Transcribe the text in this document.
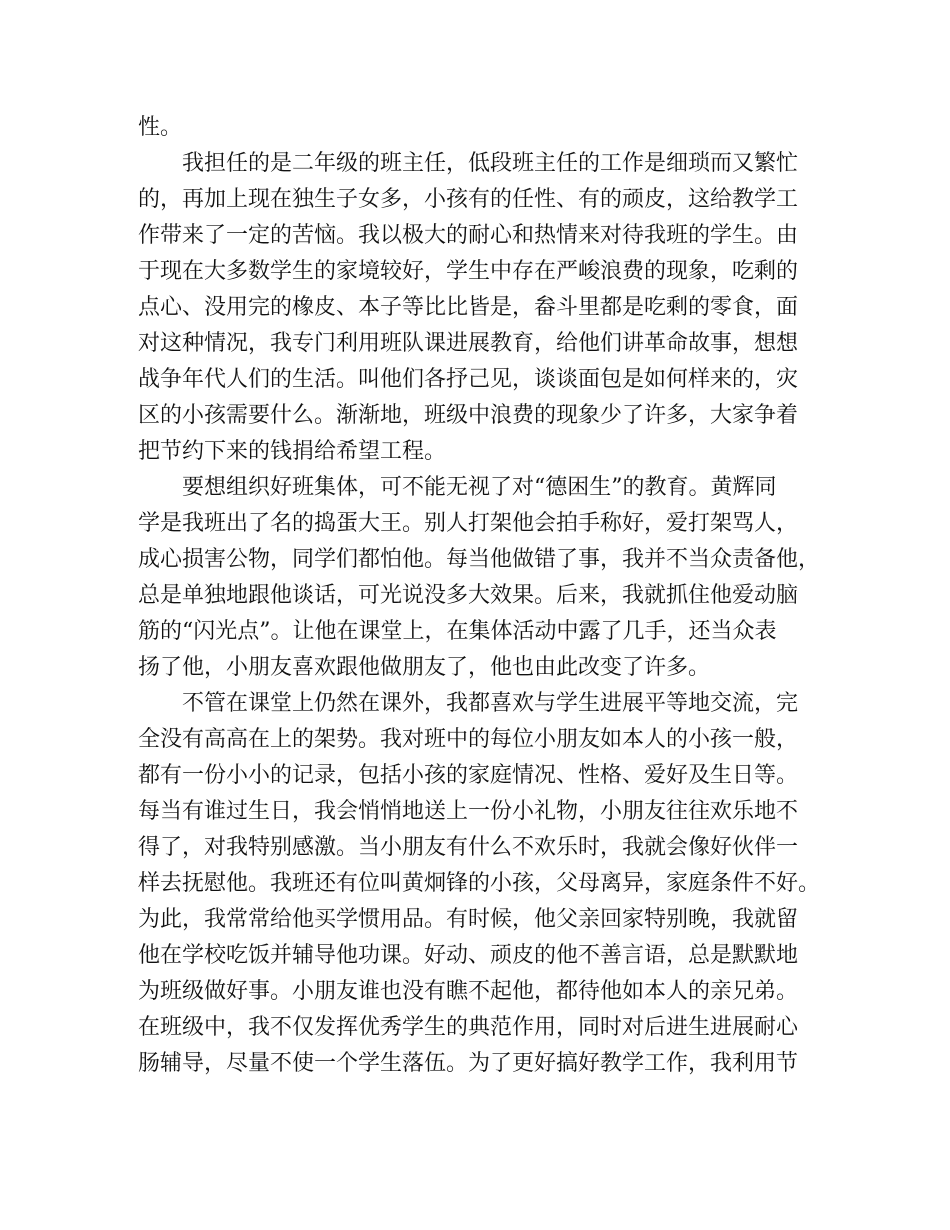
性。
　　我担任的是二年级的班主任，低段班主任的工作是细琐而又繁忙
的，再加上现在独生子女多，小孩有的任性、有的顽皮，这给教学工
作带来了一定的苦恼。我以极大的耐心和热情来对待我班的学生。由
于现在大多数学生的家境较好，学生中存在严峻浪费的现象，吃剩的
点心、没用完的橡皮、本子等比比皆是，畚斗里都是吃剩的零食，面
对这种情况，我专门利用班队课进展教育，给他们讲革命故事，想想
战争年代人们的生活。叫他们各抒己见，谈谈面包是如何样来的，灾
区的小孩需要什么。渐渐地，班级中浪费的现象少了许多，大家争着
把节约下来的钱捐给希望工程。
　　要想组织好班集体，可不能无视了对“德困生”的教育。黄辉同
学是我班出了名的捣蛋大王。别人打架他会拍手称好，爱打架骂人，
成心损害公物，同学们都怕他。每当他做错了事，我并不当众责备他，
总是单独地跟他谈话，可光说没多大效果。后来，我就抓住他爱动脑
筋的“闪光点”。让他在课堂上，在集体活动中露了几手，还当众表
扬了他，小朋友喜欢跟他做朋友了，他也由此改变了许多。
　　不管在课堂上仍然在课外，我都喜欢与学生进展平等地交流，完
全没有高高在上的架势。我对班中的每位小朋友如本人的小孩一般，
都有一份小小的记录，包括小孩的家庭情况、性格、爱好及生日等。
每当有谁过生日，我会悄悄地送上一份小礼物，小朋友往往欢乐地不
得了，对我特别感激。当小朋友有什么不欢乐时，我就会像好伙伴一
样去抚慰他。我班还有位叫黄炯锋的小孩，父母离异，家庭条件不好。
为此，我常常给他买学惯用品。有时候，他父亲回家特别晚，我就留
他在学校吃饭并辅导他功课。好动、顽皮的他不善言语，总是默默地
为班级做好事。小朋友谁也没有瞧不起他，都待他如本人的亲兄弟。
在班级中，我不仅发挥优秀学生的典范作用，同时对后进生进展耐心
肠辅导，尽量不使一个学生落伍。为了更好搞好教学工作，我利用节
